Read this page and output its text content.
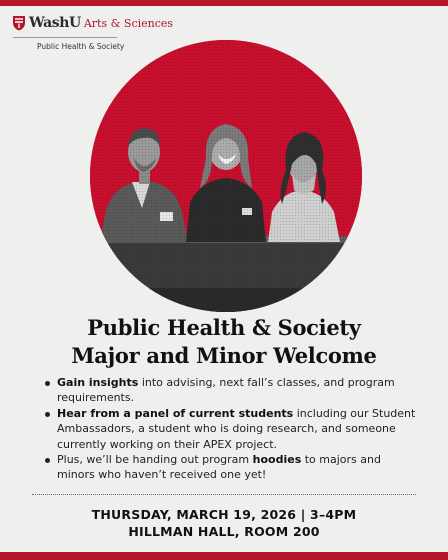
WashU Arts & Sciences
Public Health & Society
Public Health & Society
Major and Minor Welcome
Gain insights into advising, next fall’s classes, and program requirements.
Hear from a panel of current students including our Student Ambassadors, a student who is doing research, and someone currently working on their APEX project.
Plus, we’ll be handing out program hoodies to majors and minors who haven’t received one yet!
THURSDAY, MARCH 19, 2026 | 3–4PM
HILLMAN HALL, ROOM 200
